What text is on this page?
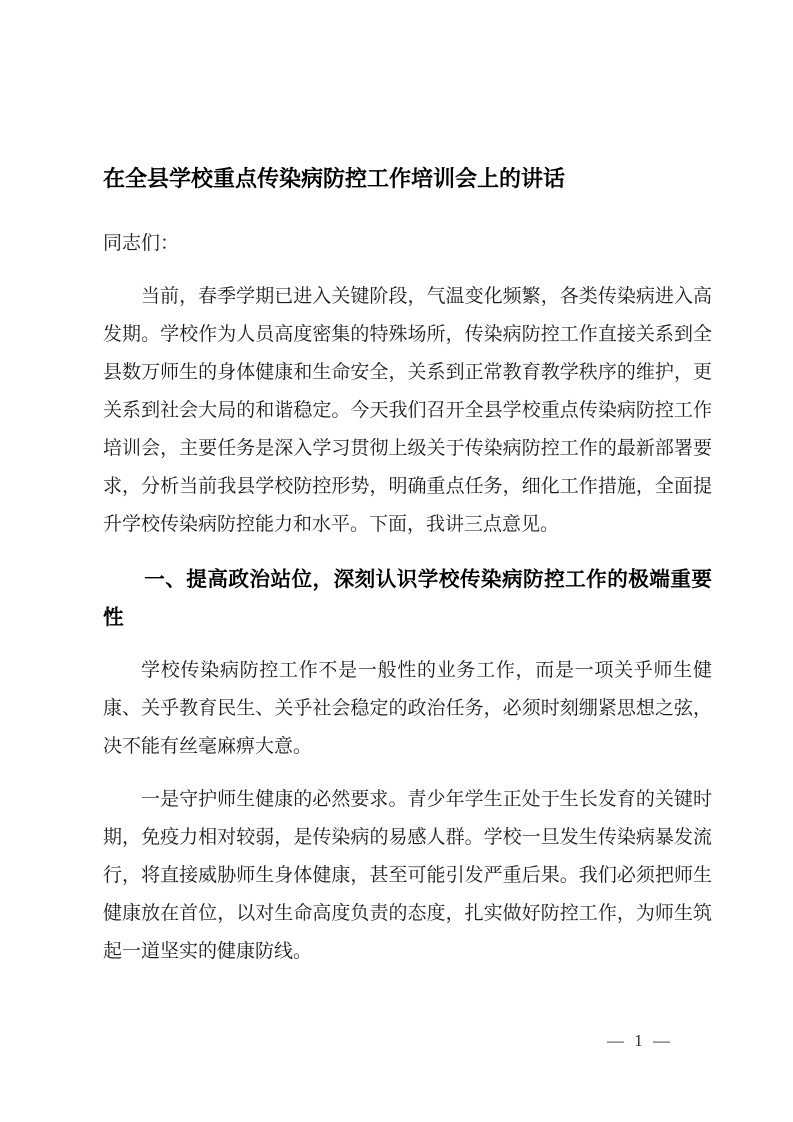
在全县学校重点传染病防控工作培训会上的讲话

同志们：

当前，春季学期已进入关键阶段，气温变化频繁，各类传染病进入高发期。学校作为人员高度密集的特殊场所，传染病防控工作直接关系到全县数万师生的身体健康和生命安全，关系到正常教育教学秩序的维护，更关系到社会大局的和谐稳定。今天我们召开全县学校重点传染病防控工作培训会，主要任务是深入学习贯彻上级关于传染病防控工作的最新部署要求，分析当前我县学校防控形势，明确重点任务，细化工作措施，全面提升学校传染病防控能力和水平。下面，我讲三点意见。

一、提高政治站位，深刻认识学校传染病防控工作的极端重要性

学校传染病防控工作不是一般性的业务工作，而是一项关乎师生健康、关乎教育民生、关乎社会稳定的政治任务，必须时刻绷紧思想之弦，决不能有丝毫麻痹大意。

一是守护师生健康的必然要求。青少年学生正处于生长发育的关键时期，免疫力相对较弱，是传染病的易感人群。学校一旦发生传染病暴发流行，将直接威胁师生身体健康，甚至可能引发严重后果。我们必须把师生健康放在首位，以对生命高度负责的态度，扎实做好防控工作，为师生筑起一道坚实的健康防线。

— 1 —
